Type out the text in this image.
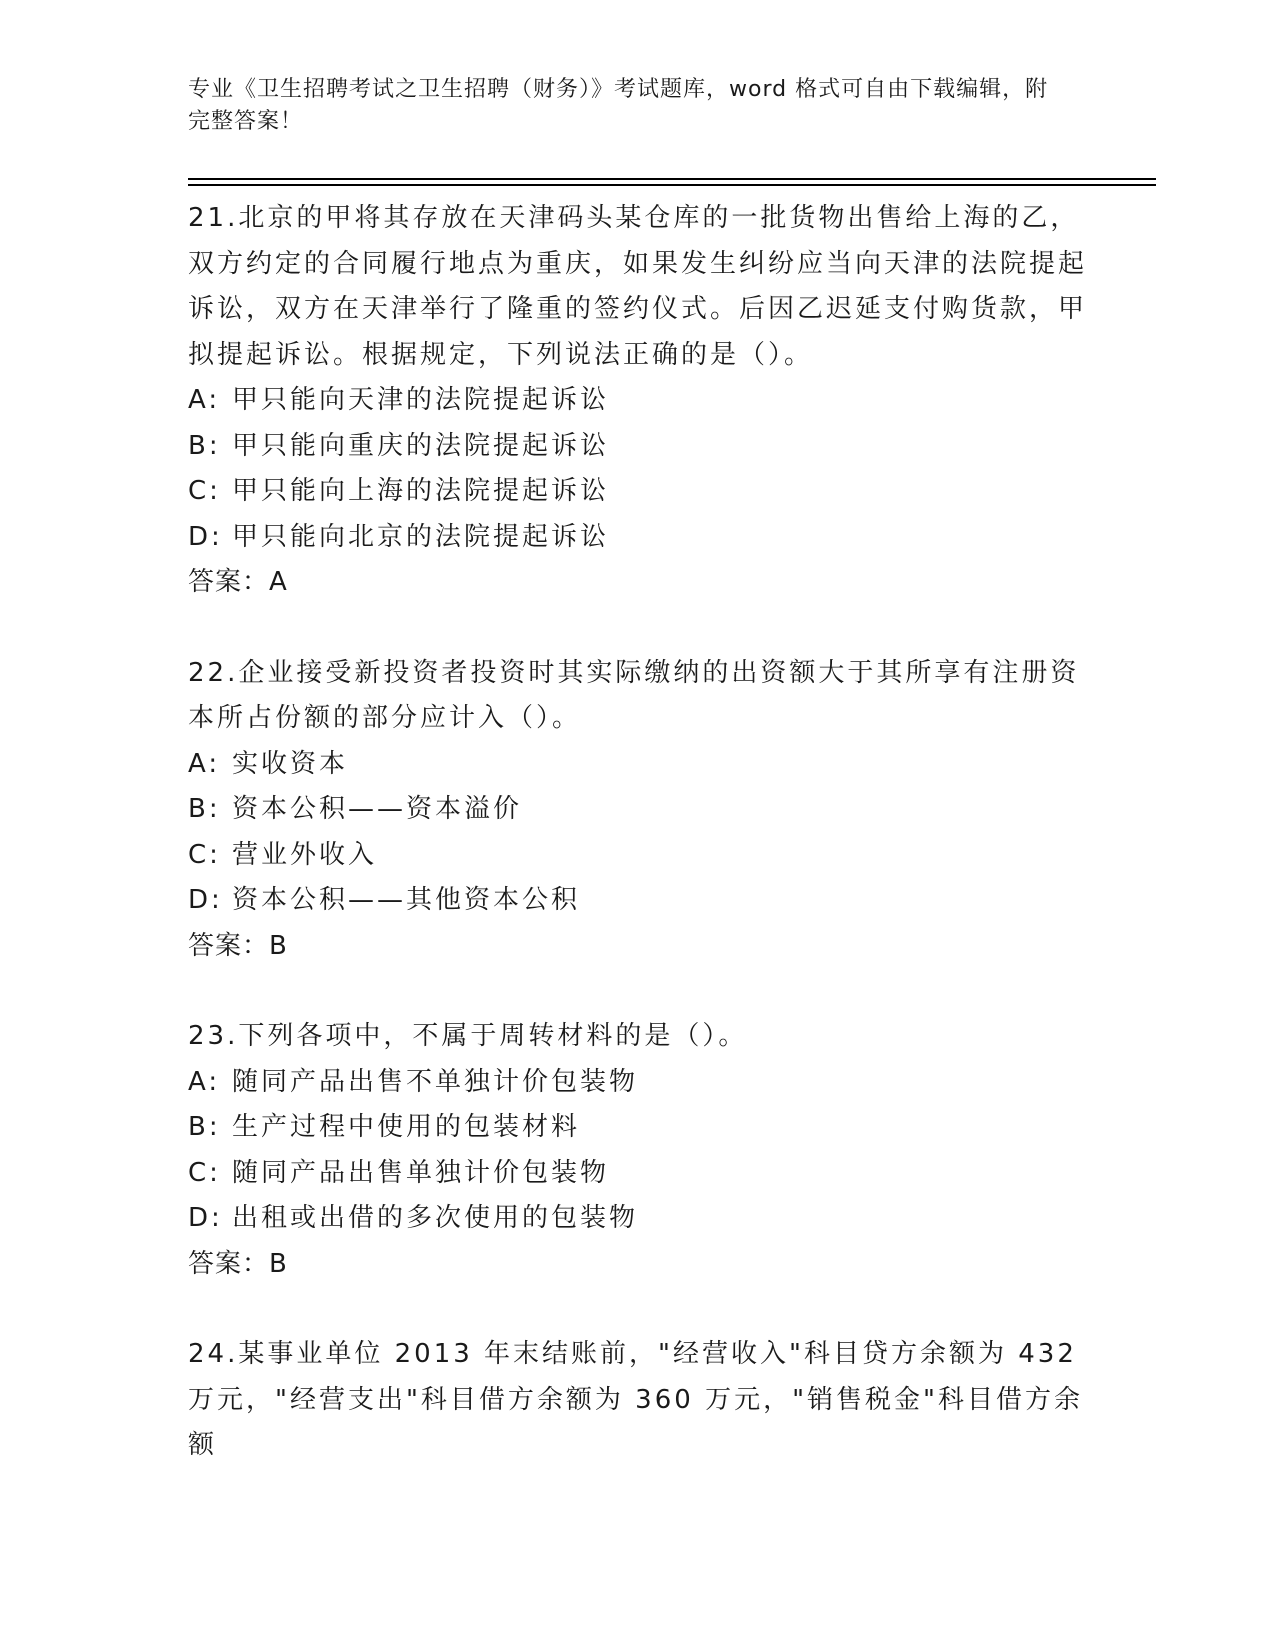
专业《卫生招聘考试之卫生招聘（财务）》考试题库，word 格式可自由下载编辑，附完整答案！

21.北京的甲将其存放在天津码头某仓库的一批货物出售给上海的乙，双方约定的合同履行地点为重庆，如果发生纠纷应当向天津的法院提起诉讼，双方在天津举行了隆重的签约仪式。后因乙迟延支付购货款，甲拟提起诉讼。根据规定，下列说法正确的是（）。

A: 甲只能向天津的法院提起诉讼

B: 甲只能向重庆的法院提起诉讼

C: 甲只能向上海的法院提起诉讼

D: 甲只能向北京的法院提起诉讼

答案：A

22.企业接受新投资者投资时其实际缴纳的出资额大于其所享有注册资本所占份额的部分应计入（）。

A: 实收资本

B: 资本公积——资本溢价

C: 营业外收入

D: 资本公积——其他资本公积

答案：B

23.下列各项中，不属于周转材料的是（）。

A: 随同产品出售不单独计价包装物

B: 生产过程中使用的包装材料

C: 随同产品出售单独计价包装物

D: 出租或出借的多次使用的包装物

答案：B

24.某事业单位 2013 年末结账前，"经营收入"科目贷方余额为 432 万元，"经营支出"科目借方余额为 360 万元，"销售税金"科目借方余额
